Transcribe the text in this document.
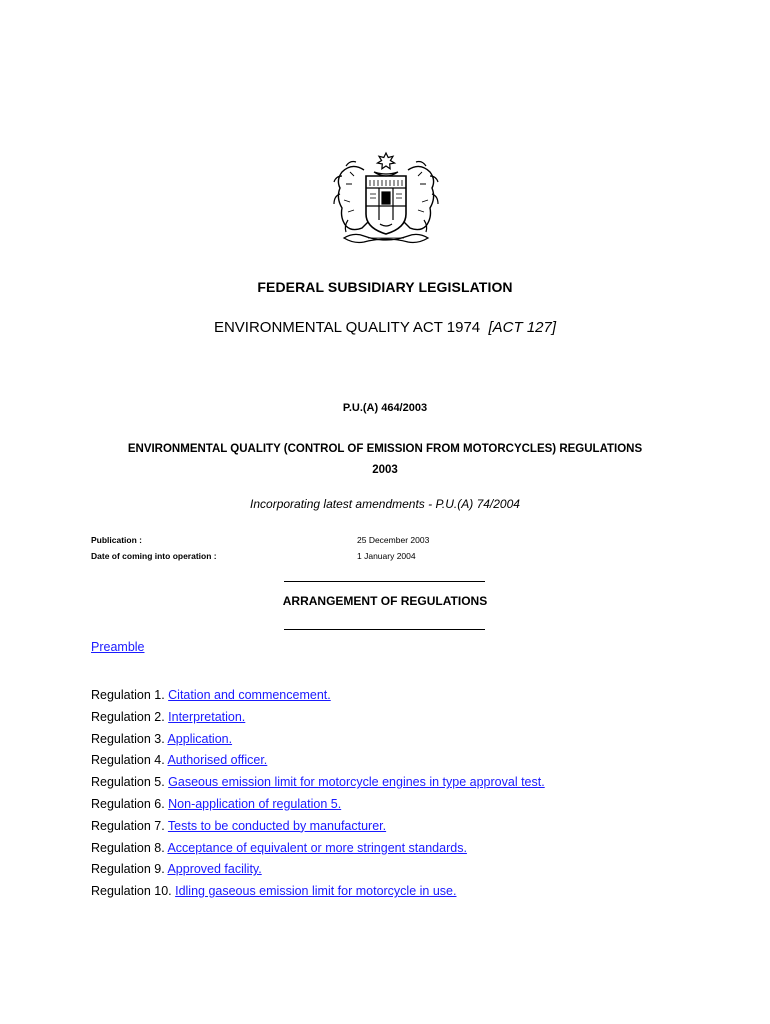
FEDERAL SUBSIDIARY LEGISLATION
ENVIRONMENTAL QUALITY ACT 1974 [ACT 127]
P.U.(A) 464/2003
ENVIRONMENTAL QUALITY (CONTROL OF EMISSION FROM MOTORCYCLES) REGULATIONS
2003
Incorporating latest amendments - P.U.(A) 74/2004
Publication :	25 December 2003
Date of coming into operation :	1 January 2004
ARRANGEMENT OF REGULATIONS
Preamble
Regulation 1. Citation and commencement.
Regulation 2. Interpretation.
Regulation 3. Application.
Regulation 4. Authorised officer.
Regulation 5. Gaseous emission limit for motorcycle engines in type approval test.
Regulation 6. Non-application of regulation 5.
Regulation 7. Tests to be conducted by manufacturer.
Regulation 8. Acceptance of equivalent or more stringent standards.
Regulation 9. Approved facility.
Regulation 10. Idling gaseous emission limit for motorcycle in use.
